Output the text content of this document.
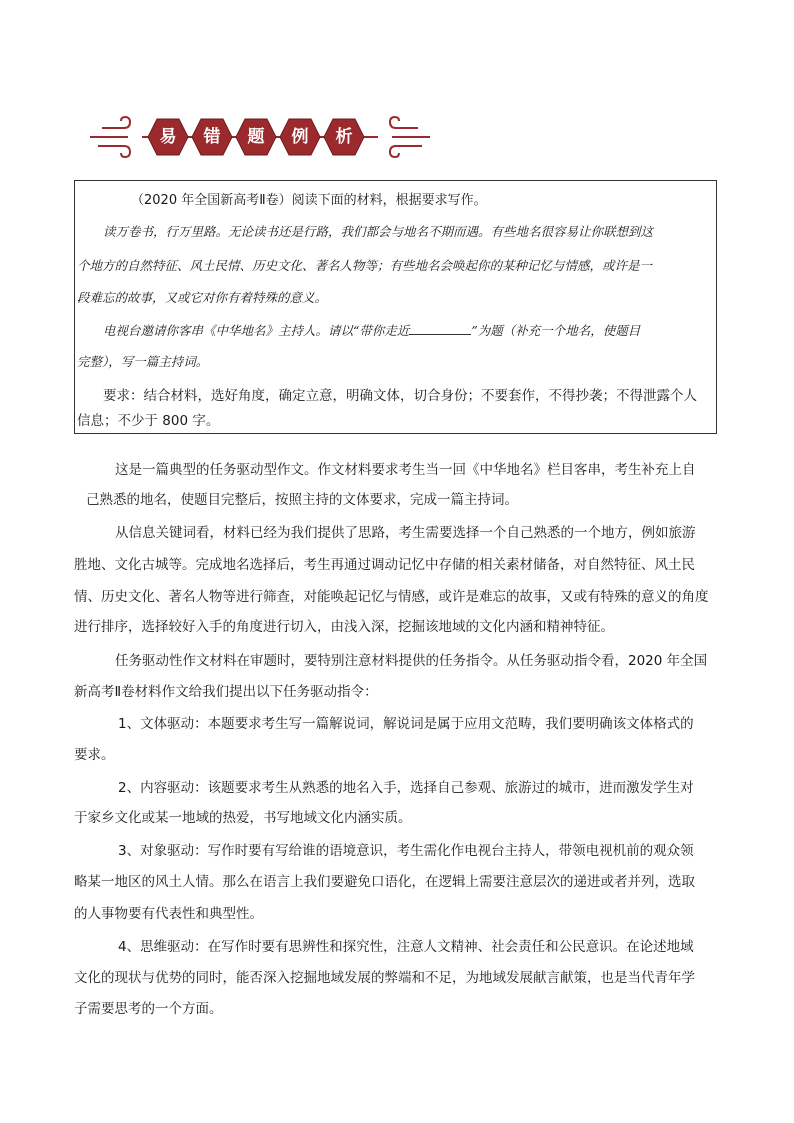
易	错	题	例	析
（2020 年全国新高考Ⅱ卷）阅读下面的材料，根据要求写作。
读万卷书，行万里路。无论读书还是行路，我们都会与地名不期而遇。有些地名很容易让你联想到这
个地方的自然特征、风土民情、历史文化、著名人物等；有些地名会唤起你的某种记忆与情感，或许是一
段难忘的故事，又或它对你有着特殊的意义。
电视台邀请你客串《中华地名》主持人。请以“带你走近	”为题（补充一个地名，使题目
完整），写一篇主持词。
要求：结合材料，选好角度，确定立意，明确文体，切合身份；不要套作，不得抄袭；不得泄露个人
信息；不少于 800 字。
这是一篇典型的任务驱动型作文。作文材料要求考生当一回《中华地名》栏目客串，考生补充上自
己熟悉的地名，使题目完整后，按照主持的文体要求，完成一篇主持词。
从信息关键词看，材料已经为我们提供了思路，考生需要选择一个自己熟悉的一个地方，例如旅游
胜地、文化古城等。完成地名选择后，考生再通过调动记忆中存储的相关素材储备，对自然特征、风土民
情、历史文化、著名人物等进行筛查，对能唤起记忆与情感，或许是难忘的故事，又或有特殊的意义的角度
进行排序，选择较好入手的角度进行切入，由浅入深，挖掘该地域的文化内涵和精神特征。
任务驱动性作文材料在审题时，要特别注意材料提供的任务指令。从任务驱动指令看，2020 年全国
新高考Ⅱ卷材料作文给我们提出以下任务驱动指令：
1、文体驱动：本题要求考生写一篇解说词，解说词是属于应用文范畴，我们要明确该文体格式的
要求。
2、内容驱动：该题要求考生从熟悉的地名入手，选择自己参观、旅游过的城市，进而激发学生对
于家乡文化或某一地域的热爱，书写地域文化内涵实质。
3、对象驱动：写作时要有写给谁的语境意识，考生需化作电视台主持人，带领电视机前的观众领
略某一地区的风土人情。那么在语言上我们要避免口语化，在逻辑上需要注意层次的递进或者并列，选取
的人事物要有代表性和典型性。
4、思维驱动：在写作时要有思辨性和探究性，注意人文精神、社会责任和公民意识。在论述地域
文化的现状与优势的同时，能否深入挖掘地域发展的弊端和不足，为地域发展献言献策，也是当代青年学
子需要思考的一个方面。
